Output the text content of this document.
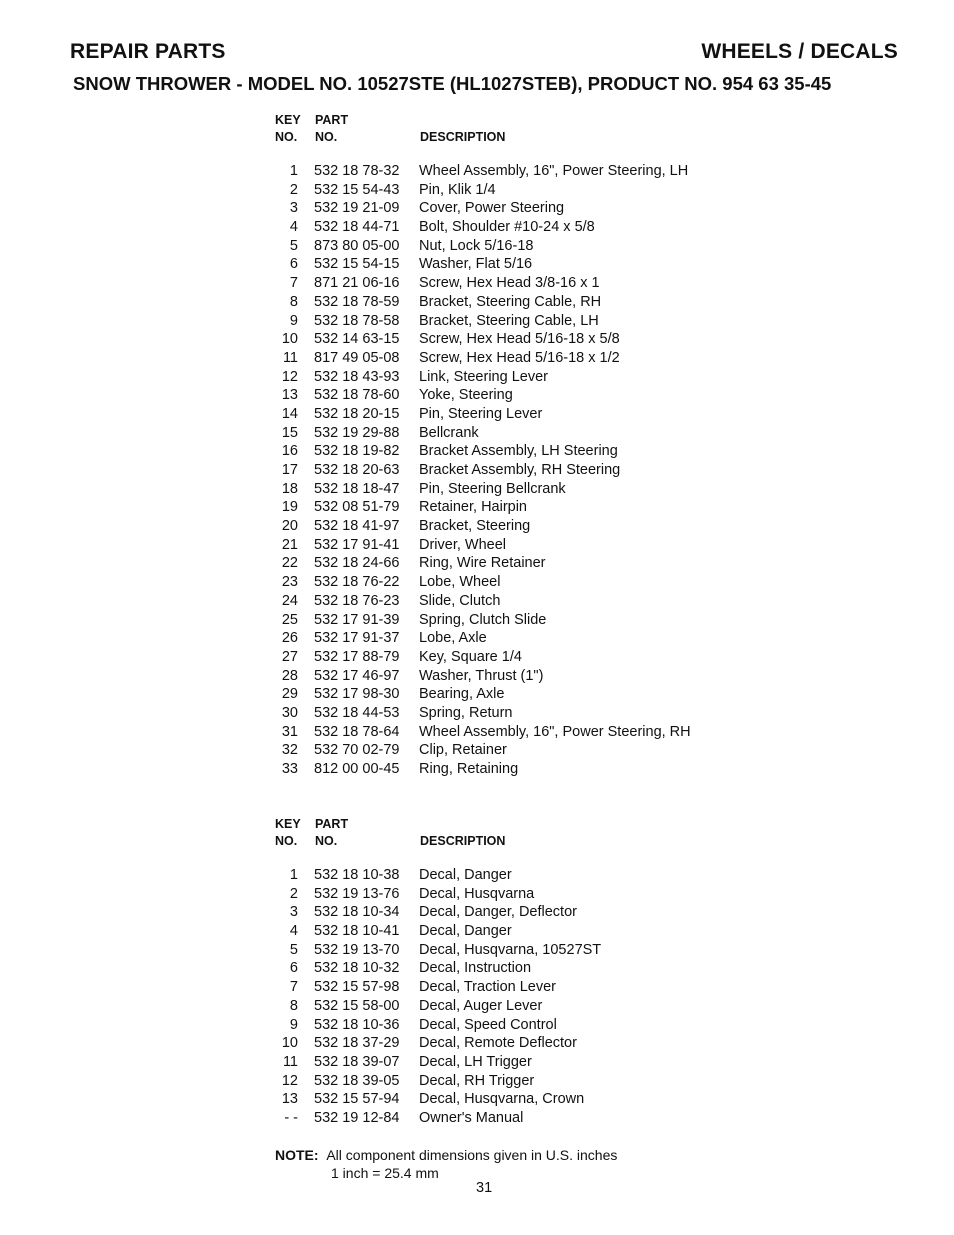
REPAIR PARTS	WHEELS / DECALS
SNOW THROWER - MODEL NO. 10527STE (HL1027STEB), PRODUCT NO. 954 63 35-45
KEY
NO.
PART
NO.	DESCRIPTION
1 532 18 78-32 Wheel Assembly, 16", Power Steering, LH
2 532 15 54-43 Pin, Klik 1/4
3 532 19 21-09 Cover, Power Steering
4 532 18 44-71 Bolt, Shoulder #10-24 x 5/8
5 873 80 05-00 Nut, Lock 5/16-18
6 532 15 54-15 Washer, Flat 5/16
7 871 21 06-16 Screw, Hex Head 3/8-16 x 1
8 532 18 78-59 Bracket, Steering Cable, RH
9 532 18 78-58 Bracket, Steering Cable, LH
10 532 14 63-15 Screw, Hex Head 5/16-18 x 5/8
11 817 49 05-08 Screw, Hex Head 5/16-18 x 1/2
12 532 18 43-93 Link, Steering Lever
13 532 18 78-60 Yoke, Steering
14 532 18 20-15 Pin, Steering Lever
15 532 19 29-88 Bellcrank
16 532 18 19-82 Bracket Assembly, LH Steering
17 532 18 20-63 Bracket Assembly, RH Steering
18 532 18 18-47 Pin, Steering Bellcrank
19 532 08 51-79 Retainer, Hairpin
20 532 18 41-97 Bracket, Steering
21 532 17 91-41 Driver, Wheel
22 532 18 24-66 Ring, Wire Retainer
23 532 18 76-22 Lobe, Wheel
24 532 18 76-23 Slide, Clutch
25 532 17 91-39 Spring, Clutch Slide
26 532 17 91-37 Lobe, Axle
27 532 17 88-79 Key, Square 1/4
28 532 17 46-97 Washer, Thrust (1")
29 532 17 98-30 Bearing, Axle
30 532 18 44-53 Spring, Return
31 532 18 78-64 Wheel Assembly, 16", Power Steering, RH
32 532 70 02-79 Clip, Retainer
33 812 00 00-45 Ring, Retaining
KEY
NO.
PART
NO.	DESCRIPTION
1 532 18 10-38 Decal, Danger
2 532 19 13-76 Decal, Husqvarna
3 532 18 10-34 Decal, Danger, Deflector
4 532 18 10-41 Decal, Danger
5 532 19 13-70 Decal, Husqvarna, 10527ST
6 532 18 10-32 Decal, Instruction
7 532 15 57-98 Decal, Traction Lever
8 532 15 58-00 Decal, Auger Lever
9 532 18 10-36 Decal, Speed Control
10 532 18 37-29 Decal, Remote Deflector
11 532 18 39-07 Decal, LH Trigger
12 532 18 39-05 Decal, RH Trigger
13 532 15 57-94 Decal, Husqvarna, Crown
- - 532 19 12-84 Owner's Manual
NOTE: All component dimensions given in U.S. inches
1 inch = 25.4 mm
31
